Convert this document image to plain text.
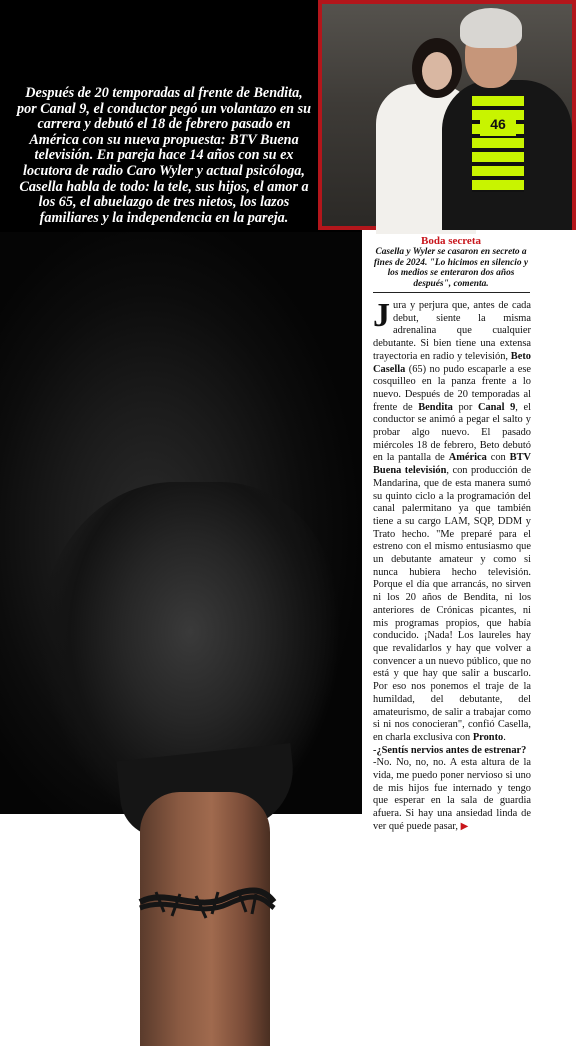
Después de 20 temporadas al frente de Bendita, por Canal 9, el conductor pegó un volantazo en su carrera y debutó el 18 de febrero pasado en América con su nueva propuesta: BTV Buena televisión. En pareja hace 14 años con su ex locutora de radio Caro Wyler y actual psicóloga, Casella habla de todo: la tele, sus hijos, el amor a los 65, el abuelazgo de tres nietos, los lazos familiares y la independencia en la pareja.
46
Boda secreta
Casella y Wyler se casaron en secreto a fines de 2024. "Lo hicimos en silencio y los medios se enteraron dos años después", comenta.
Jura y perjura que, antes de cada debut, siente la misma adrenalina que cualquier debutante. Si bien tiene una extensa trayectoria en radio y televisión, Beto Casella (65) no pudo escaparle a ese cosquilleo en la panza frente a lo nuevo. Después de 20 temporadas al frente de Bendita por Canal 9, el conductor se animó a pegar el salto y probar algo nuevo. El pasado miércoles 18 de febrero, Beto debutó en la pantalla de América con BTV Buena televisión, con producción de Mandarina, que de esta manera sumó su quinto ciclo a la programación del canal palermitano ya que también tiene a su cargo LAM, SQP, DDM y Trato hecho. "Me preparé para el estreno con el mismo entusiasmo que un debutante amateur y como si nunca hubiera hecho televisión. Porque el día que arrancás, no sirven ni los 20 años de Bendita, ni los anteriores de Crónicas picantes, ni mis programas propios, que había conducido. ¡Nada! Los laureles hay que revalidarlos y hay que volver a convencer a un nuevo público, que no está y que hay que salir a buscarlo. Por eso nos ponemos el traje de la humildad, del debutante, del amateurismo, de salir a trabajar como si ni nos conocieran", confió Casella, en charla exclusiva con Pronto.
-¿Sentís nervios antes de estrenar?
-No. No, no, no. A esta altura de la vida, me puedo poner nervioso si uno de mis hijos fue internado y tengo que esperar en la sala de guardia afuera. Si hay una ansiedad linda de ver qué puede pasar, ▶
